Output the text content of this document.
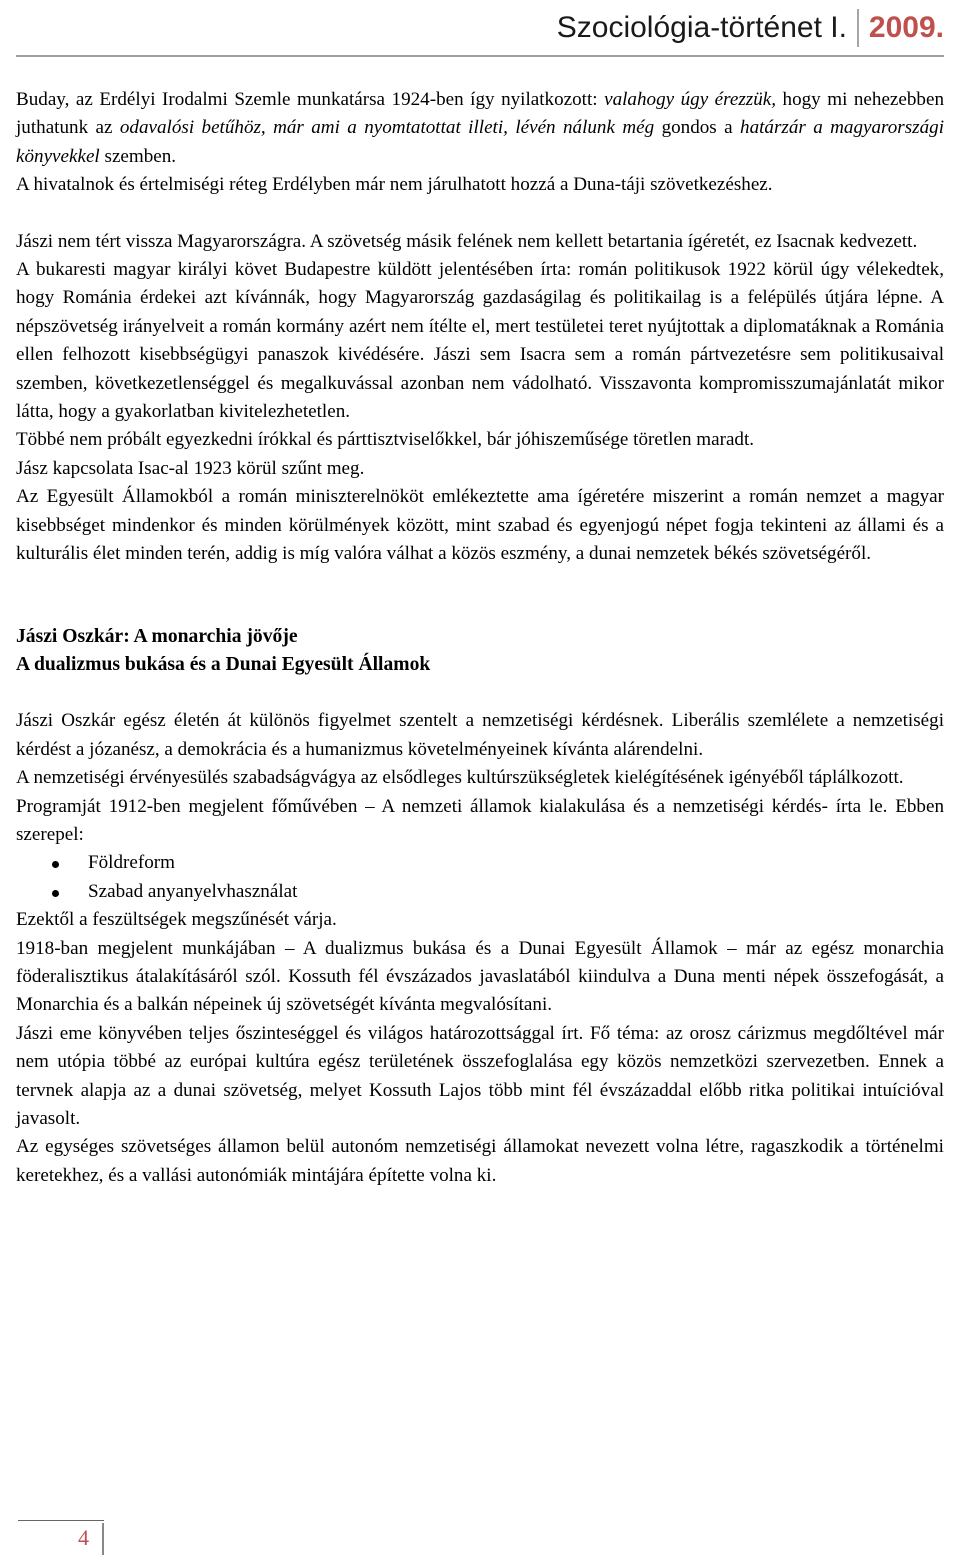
Szociológia-történet I. 2009.

Buday, az Erdélyi Irodalmi Szemle munkatársa 1924-ben így nyilatkozott: valahogy úgy érezzük, hogy mi nehezebben juthatunk az odavalósi betűhöz, már ami a nyomtatottat illeti, lévén nálunk még gondos a határzár a magyarországi könyvekkel szemben.

A hivatalnok és értelmiségi réteg Erdélyben már nem járulhatott hozzá a Duna-táji szövetkezéshez.

Jászi nem tért vissza Magyarországra. A szövetség másik felének nem kellett betartania ígéretét, ez Isacnak kedvezett.

A bukaresti magyar királyi követ Budapestre küldött jelentésében írta: román politikusok 1922 körül úgy vélekedtek, hogy Románia érdekei azt kívánnák, hogy Magyarország gazdaságilag és politikailag is a felépülés útjára lépne. A népszövetség irányelveit a román kormány azért nem ítélte el, mert testületei teret nyújtottak a diplomatáknak a Románia ellen felhozott kisebbségügyi panaszok kivédésére. Jászi sem Isacra sem a román pártvezetésre sem politikusaival szemben, következetlenséggel és megalkuvással azonban nem vádolható. Visszavonta kompromisszumajánlatát mikor látta, hogy a gyakorlatban kivitelezhetetlen.

Többé nem próbált egyezkedni írókkal és párttisztviselőkkel, bár jóhiszeműsége töretlen maradt.

Jász kapcsolata Isac-al 1923 körül szűnt meg.

Az Egyesült Államokból a román miniszterelnököt emlékeztette ama ígéretére miszerint a román nemzet a magyar kisebbséget mindenkor és minden körülmények között, mint szabad és egyenjogú népet fogja tekinteni az állami és a kulturális élet minden terén, addig is míg valóra válhat a közös eszmény, a dunai nemzetek békés szövetségéről.

Jászi Oszkár: A monarchia jövője

A dualizmus bukása és a Dunai Egyesült Államok

Jászi Oszkár egész életén át különös figyelmet szentelt a nemzetiségi kérdésnek. Liberális szemlélete a nemzetiségi kérdést a józanész, a demokrácia és a humanizmus követelményeinek kívánta alárendelni.

A nemzetiségi érvényesülés szabadságvágya az elsődleges kultúrszükségletek kielégítésének igényéből táplálkozott.

Programját 1912-ben megjelent főművében – A nemzeti államok kialakulása és a nemzetiségi kérdés- írta le. Ebben szerepel:

Földreform
Szabad anyanyelvhasználat

Ezektől a feszültségek megszűnését várja.

1918-ban megjelent munkájában – A dualizmus bukása és a Dunai Egyesült Államok – már az egész monarchia föderalisztikus átalakításáról szól. Kossuth fél évszázados javaslatából kiindulva a Duna menti népek összefogását, a Monarchia és a balkán népeinek új szövetségét kívánta megvalósítani.

Jászi eme könyvében teljes őszinteséggel és világos határozottsággal írt. Fő téma: az orosz cárizmus megdőltével már nem utópia többé az európai kultúra egész területének összefoglalása egy közös nemzetközi szervezetben. Ennek a tervnek alapja az a dunai szövetség, melyet Kossuth Lajos több mint fél évszázaddal előbb ritka politikai intuícióval javasolt.

Az egységes szövetséges államon belül autonóm nemzetiségi államokat nevezett volna létre, ragaszkodik a történelmi keretekhez, és a vallási autonómiák mintájára építette volna ki.

4
